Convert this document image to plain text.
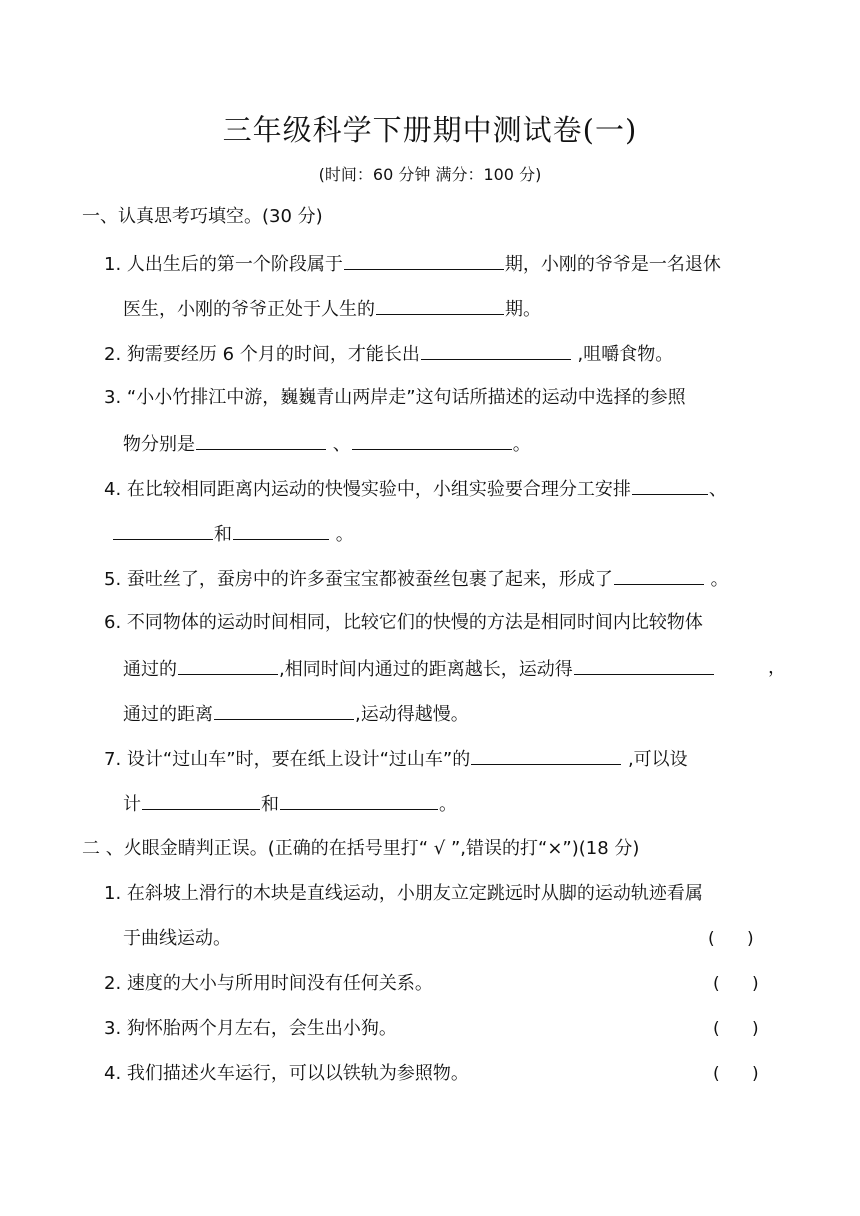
三年级科学下册期中测试卷(一)
(时间：60 分钟 满分：100 分)
一、认真思考巧填空。(30 分)
1. 人出生后的第一个阶段属于	期，小刚的爷爷是一名退休
医生，小刚的爷爷正处于人生的	期。
2. 狗需要经历 6 个月的时间，才能长出	,咀嚼食物。
3. “小小竹排江中游，巍巍青山两岸走”这句话所描述的运动中选择的参照
物分别是	、	。
4. 在比较相同距离内运动的快慢实验中，小组实验要合理分工安排	、
和	。
5. 蚕吐丝了，蚕房中的许多蚕宝宝都被蚕丝包裹了起来，形成了	。
6. 不同物体的运动时间相同，比较它们的快慢的方法是相同时间内比较物体
通过的	,相同时间内通过的距离越长，运动得	，
通过的距离	,运动得越慢。
7. 设计“过山车”时，要在纸上设计“过山车”的	,可以设
计	和	。
二 、火眼金睛判正误。(正确的在括号里打“ √ ”,错误的打“×”)(18 分)
1. 在斜坡上滑行的木块是直线运动，小朋友立定跳远时从脚的运动轨迹看属
于曲线运动。	(      )
2. 速度的大小与所用时间没有任何关系。	(      )
3. 狗怀胎两个月左右，会生出小狗。	(      )
4. 我们描述火车运行，可以以铁轨为参照物。	(      )
